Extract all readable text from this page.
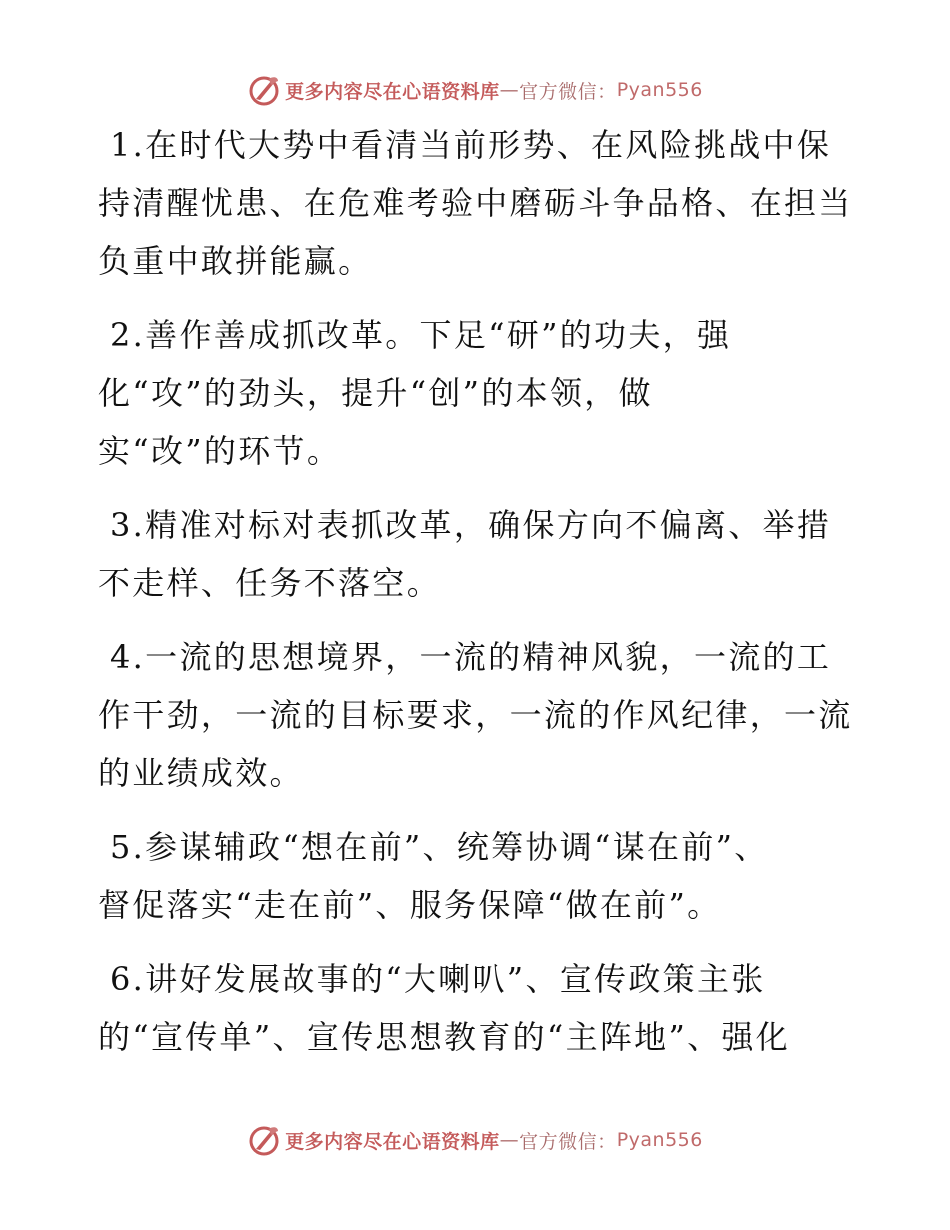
更多内容尽在心语资料库 — 官方微信： Pyan556

1.在时代大势中看清当前形势、在风险挑战中保
持清醒忧患、在危难考验中磨砺斗争品格、在担当
负重中敢拼能赢。

2.善作善成抓改革。下足“研”的功夫，强
化“攻”的劲头，提升“创”的本领，做
实“改”的环节。

3.精准对标对表抓改革，确保方向不偏离、举措
不走样、任务不落空。

4.一流的思想境界，一流的精神风貌，一流的工
作干劲，一流的目标要求，一流的作风纪律，一流
的业绩成效。

5.参谋辅政“想在前”、统筹协调“谋在前”、
督促落实“走在前”、服务保障“做在前”。

6.讲好发展故事的“大喇叭”、宣传政策主张
的“宣传单”、宣传思想教育的“主阵地”、强化

更多内容尽在心语资料库 — 官方微信： Pyan556
